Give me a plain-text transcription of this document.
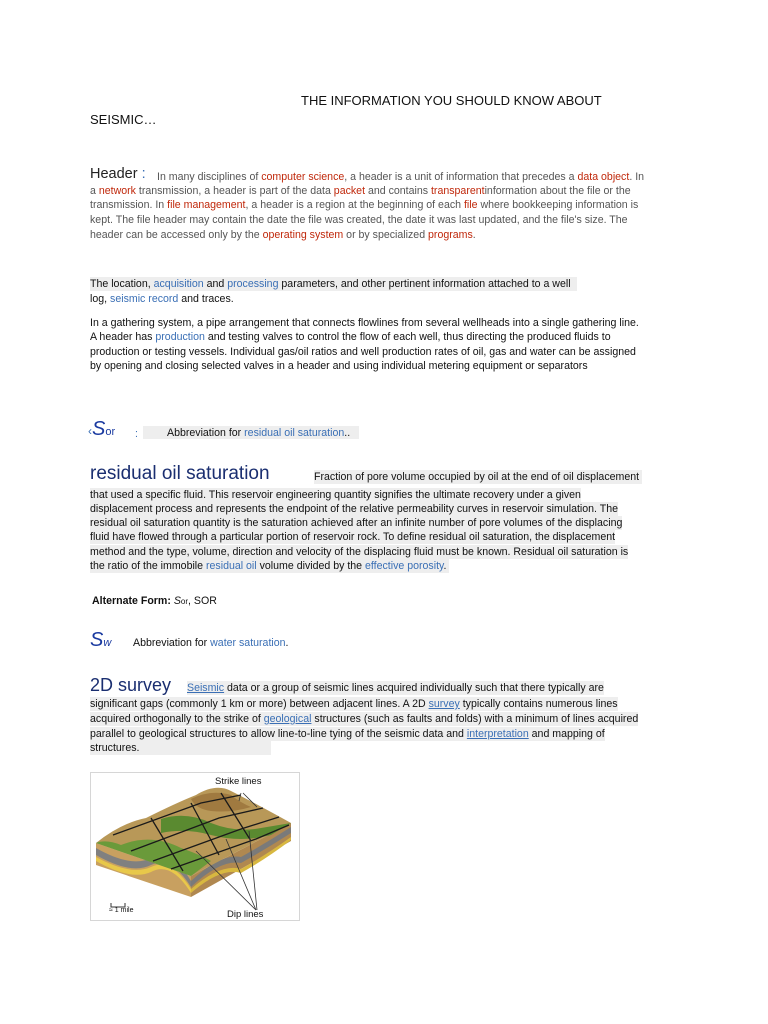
THE INFORMATION YOU SHOULD KNOW ABOUT
SEISMIC…
Header : In many disciplines of computer science, a header is a unit of information that precedes a data object. In
a network transmission, a header is part of the data packet and contains transparentinformation about the file or the
transmission. In file management, a header is a region at the beginning of each file where bookkeeping information is
kept. The file header may contain the date the file was created, the date it was last updated, and the file's size. The
header can be accessed only by the operating system or by specialized programs.
The location, acquisition and processing parameters, and other pertinent information attached to a well
log, seismic record and traces.
In a gathering system, a pipe arrangement that connects flowlines from several wellheads into a single gathering line.
A header has production and testing valves to control the flow of each well, thus directing the produced fluids to
production or testing vessels. Individual gas/oil ratios and well production rates of oil, gas and water can be assigned
by opening and closing selected valves in a header and using individual metering equipment or separators
‹Sor :	Abbreviation for residual oil saturation..
residual oil saturation	Fraction of pore volume occupied by oil at the end of oil displacement
that used a specific fluid. This reservoir engineering quantity signifies the ultimate recovery under a given
displacement process and represents the endpoint of the relative permeability curves in reservoir simulation. The
residual oil saturation quantity is the saturation achieved after an infinite number of pore volumes of the displacing
fluid have flowed through a particular portion of reservoir rock. To define residual oil saturation, the displacement
method and the type, volume, direction and velocity of the displacing fluid must be known. Residual oil saturation is
the ratio of the immobile residual oil volume divided by the effective porosity.
Alternate Form: Sor, SOR
Sw Abbreviation for water saturation.
2D survey Seismic data or a group of seismic lines acquired individually such that there typically are
significant gaps (commonly 1 km or more) between adjacent lines. A 2D survey typically contains numerous lines
acquired orthogonally to the strike of geological structures (such as faults and folds) with a minimum of lines acquired
parallel to geological structures to allow line-to-line tying of the seismic data and interpretation and mapping of
structures.
Strike lines
Dip lines
≈ 1 mile
